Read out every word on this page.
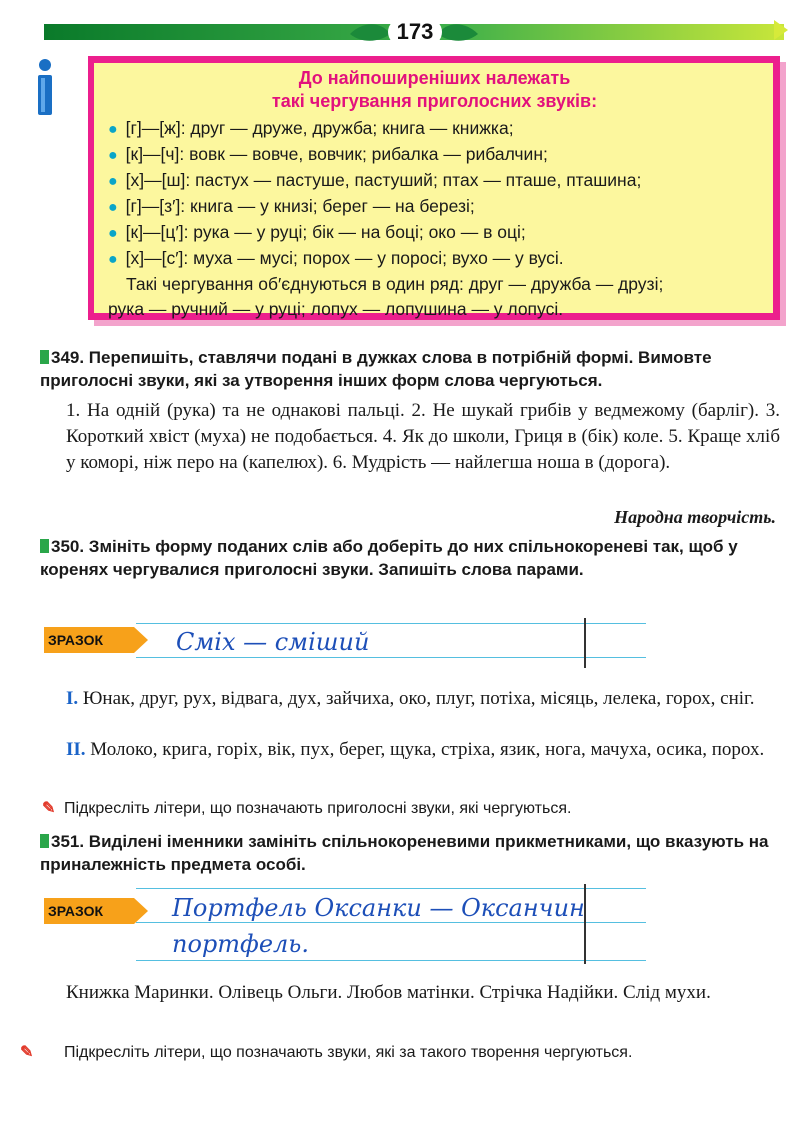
173
До найпоширеніших належать
такі чергування приголосних звуків:
● [г]—[ж]: друг — друже, дружба; книга — книжка;
● [к]—[ч]: вовк — вовче, вовчик; рибалка — рибалчин;
● [х]—[ш]: пастух — пастуше, пастуший; птах — пташе, пташина;
● [г]—[з′]: книга — у книзі; берег — на березі;
● [к]—[ц′]: рука — у руці; бік — на боці; око — в оці;
● [х]—[с′]: муха — мусі; порох — у поросі; вухо — у вусі.
Такі чергування об′єднуються в один ряд: друг — дружба — друзі;
рука — ручний — у руці; лопух — лопушина — у лопусі.
349. Перепишіть, ставлячи подані в дужках слова в потрібній формі. Вимовте приголосні звуки, які за утворення інших форм слова чергуються.
1. На одній (рука) та не однакові пальці. 2. Не шукай грибів у ведмежому (барліг). 3. Короткий хвіст (муха) не подобається. 4. Як до школи, Гриця в (бік) коле. 5. Краще хліб у коморі, ніж перо на (капелюх). 6. Мудрість — найлегша ноша в (дорога).
Народна творчість.
350. Змініть форму поданих слів або доберіть до них спільнокореневі так, щоб у коренях чергувалися приголосні звуки. Запишіть слова парами.
ЗРАЗОК	Сміх — сміший
I. Юнак, друг, рух, відвага, дух, зайчиха, око, плуг, потіха, місяць, лелека, горох, сніг.
II. Молоко, крига, горіх, вік, пух, берег, щука, стріха, язик, нога, мачуха, осика, порох.
✎ Підкресліть літери, що позначають приголосні звуки, які чергуються.
351. Виділені іменники замініть спільнокореневими прикметниками, що вказують на приналежність предмета особі.
ЗРАЗОК	Портфель Оксанки — Оксанчин
портфель.
Книжка Маринки. Олівець Ольги. Любов матінки. Стрічка Надійки. Слід мухи.
✎ Підкресліть літери, що позначають звуки, які за такого творення чергуються.
